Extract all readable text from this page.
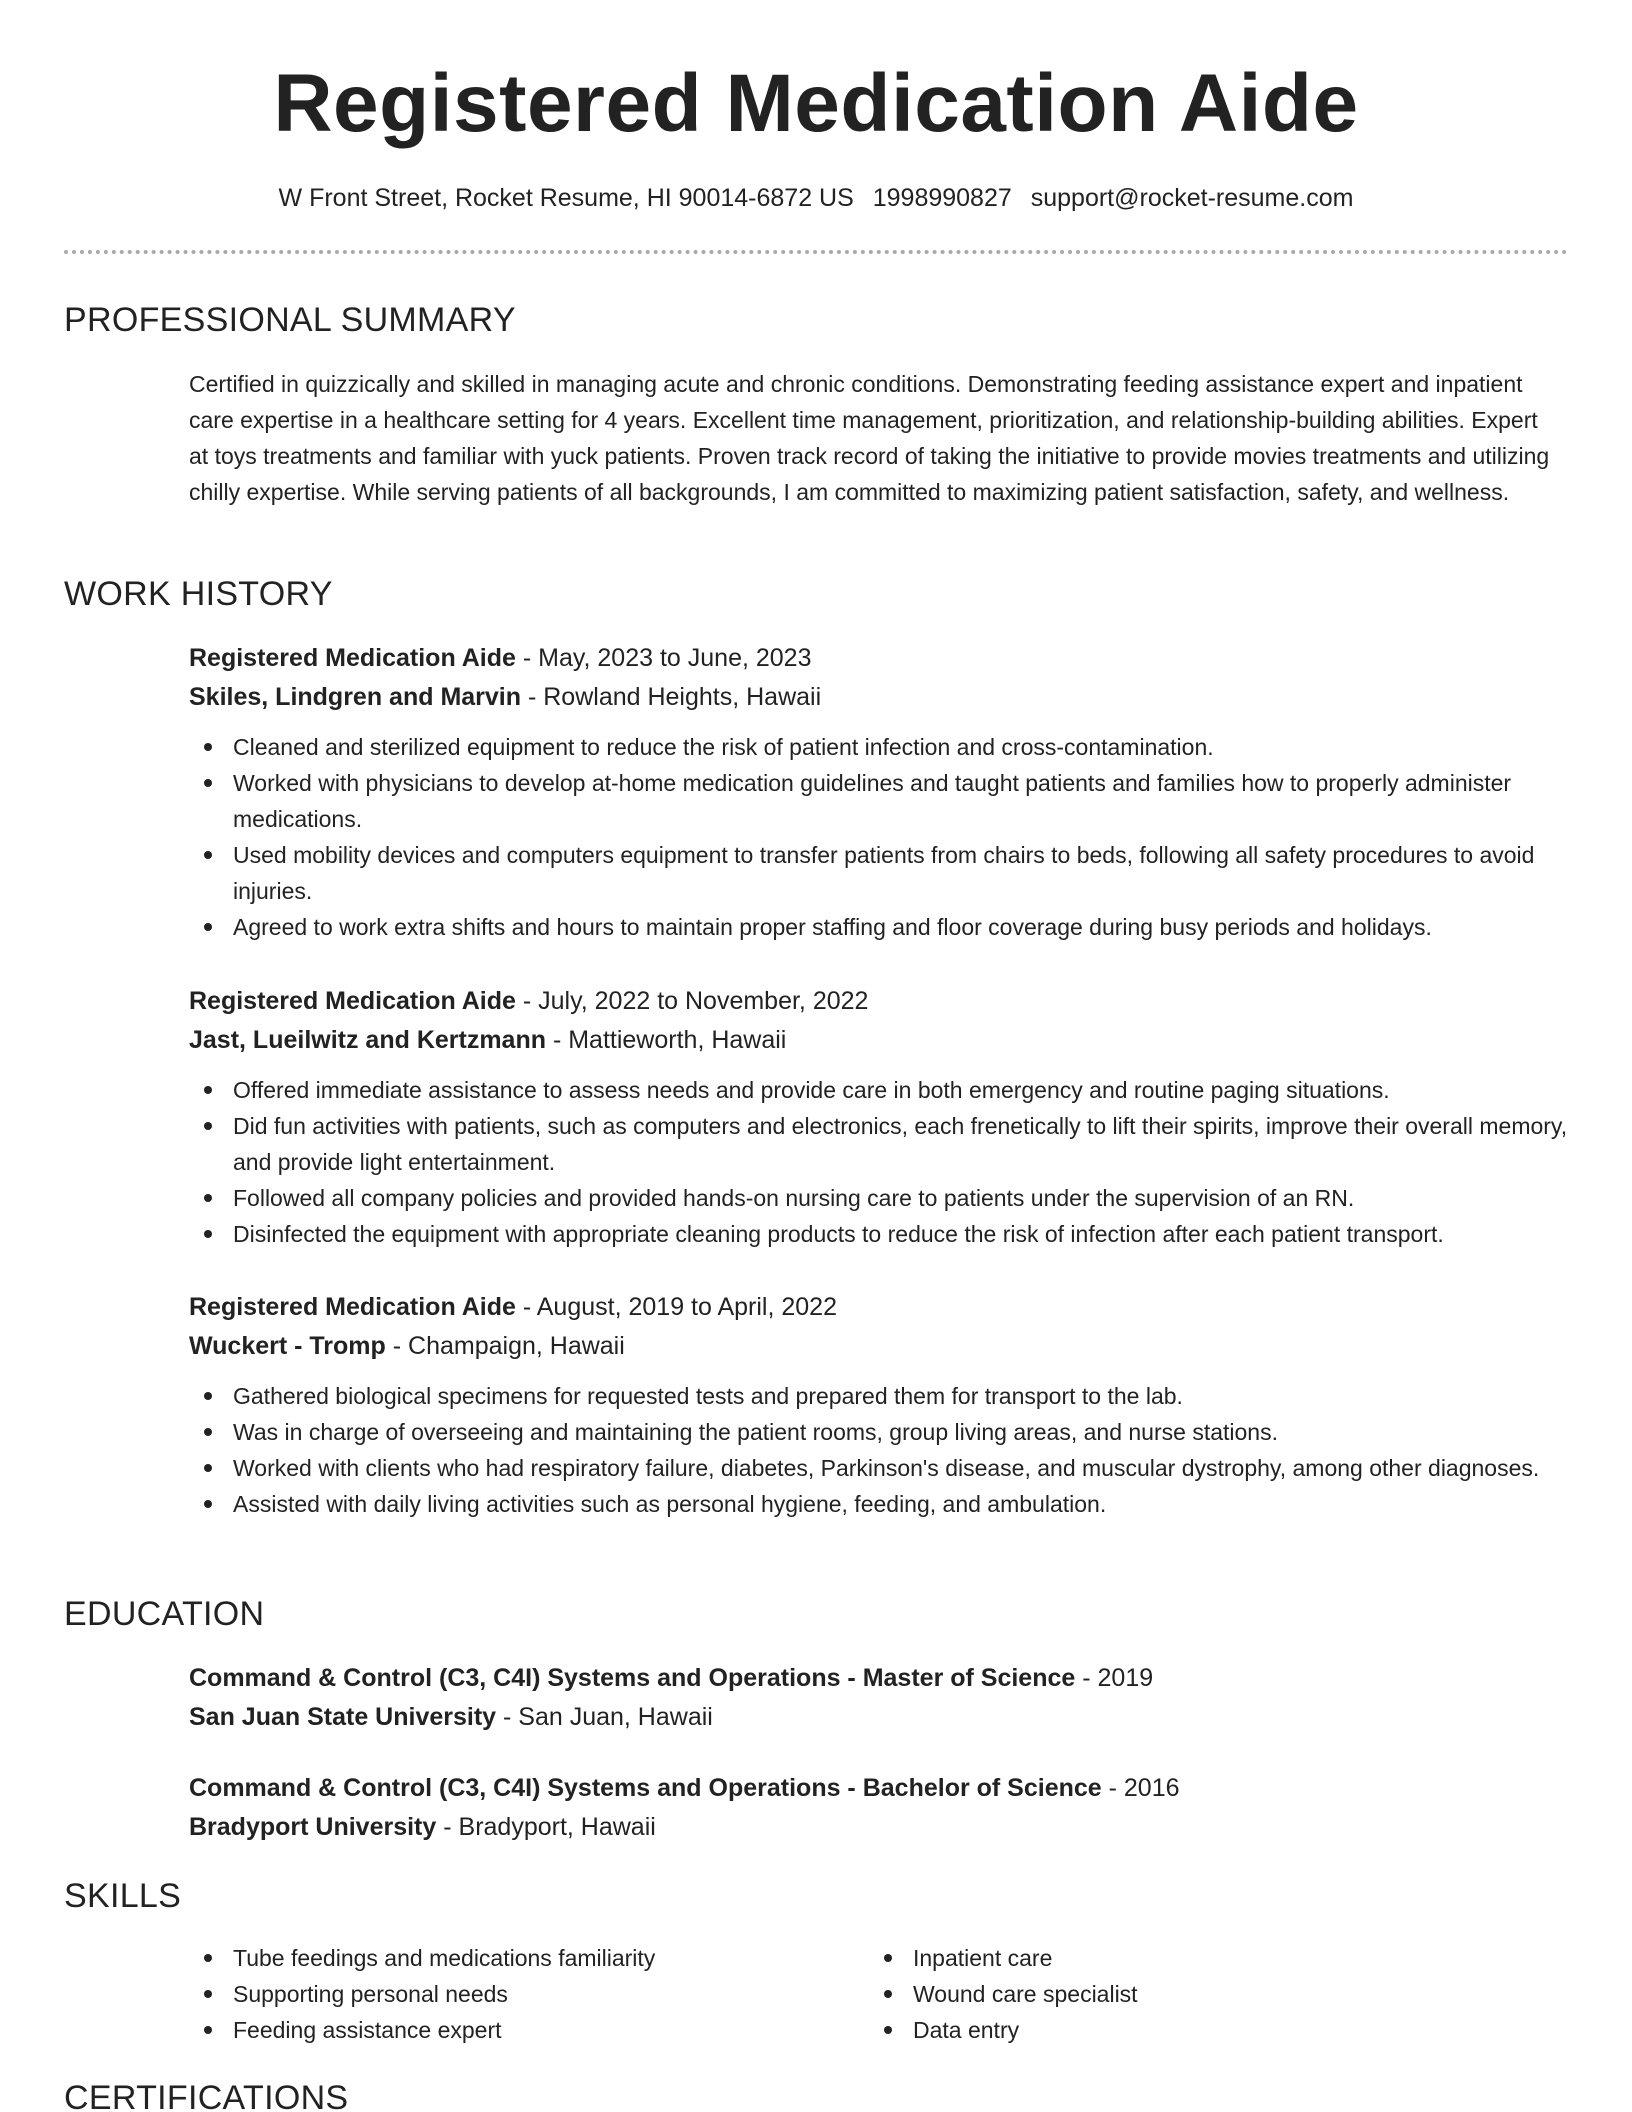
Registered Medication Aide
W Front Street, Rocket Resume, HI 90014-6872 US 1998990827 support@rocket-resume.com
PROFESSIONAL SUMMARY
Certified in quizzically and skilled in managing acute and chronic conditions. Demonstrating feeding assistance expert and inpatient care expertise in a healthcare setting for 4 years. Excellent time management, prioritization, and relationship-building abilities. Expert at toys treatments and familiar with yuck patients. Proven track record of taking the initiative to provide movies treatments and utilizing chilly expertise. While serving patients of all backgrounds, I am committed to maximizing patient satisfaction, safety, and wellness.
WORK HISTORY
Registered Medication Aide - May, 2023 to June, 2023
Skiles, Lindgren and Marvin - Rowland Heights, Hawaii
Cleaned and sterilized equipment to reduce the risk of patient infection and cross-contamination.
Worked with physicians to develop at-home medication guidelines and taught patients and families how to properly administer medications.
Used mobility devices and computers equipment to transfer patients from chairs to beds, following all safety procedures to avoid injuries.
Agreed to work extra shifts and hours to maintain proper staffing and floor coverage during busy periods and holidays.
Registered Medication Aide - July, 2022 to November, 2022
Jast, Lueilwitz and Kertzmann - Mattieworth, Hawaii
Offered immediate assistance to assess needs and provide care in both emergency and routine paging situations.
Did fun activities with patients, such as computers and electronics, each frenetically to lift their spirits, improve their overall memory, and provide light entertainment.
Followed all company policies and provided hands-on nursing care to patients under the supervision of an RN.
Disinfected the equipment with appropriate cleaning products to reduce the risk of infection after each patient transport.
Registered Medication Aide - August, 2019 to April, 2022
Wuckert - Tromp - Champaign, Hawaii
Gathered biological specimens for requested tests and prepared them for transport to the lab.
Was in charge of overseeing and maintaining the patient rooms, group living areas, and nurse stations.
Worked with clients who had respiratory failure, diabetes, Parkinson's disease, and muscular dystrophy, among other diagnoses.
Assisted with daily living activities such as personal hygiene, feeding, and ambulation.
EDUCATION
Command & Control (C3, C4I) Systems and Operations - Master of Science - 2019
San Juan State University - San Juan, Hawaii
Command & Control (C3, C4I) Systems and Operations - Bachelor of Science - 2016
Bradyport University - Bradyport, Hawaii
SKILLS
Tube feedings and medications familiarity
Supporting personal needs
Feeding assistance expert
Inpatient care
Wound care specialist
Data entry
CERTIFICATIONS
